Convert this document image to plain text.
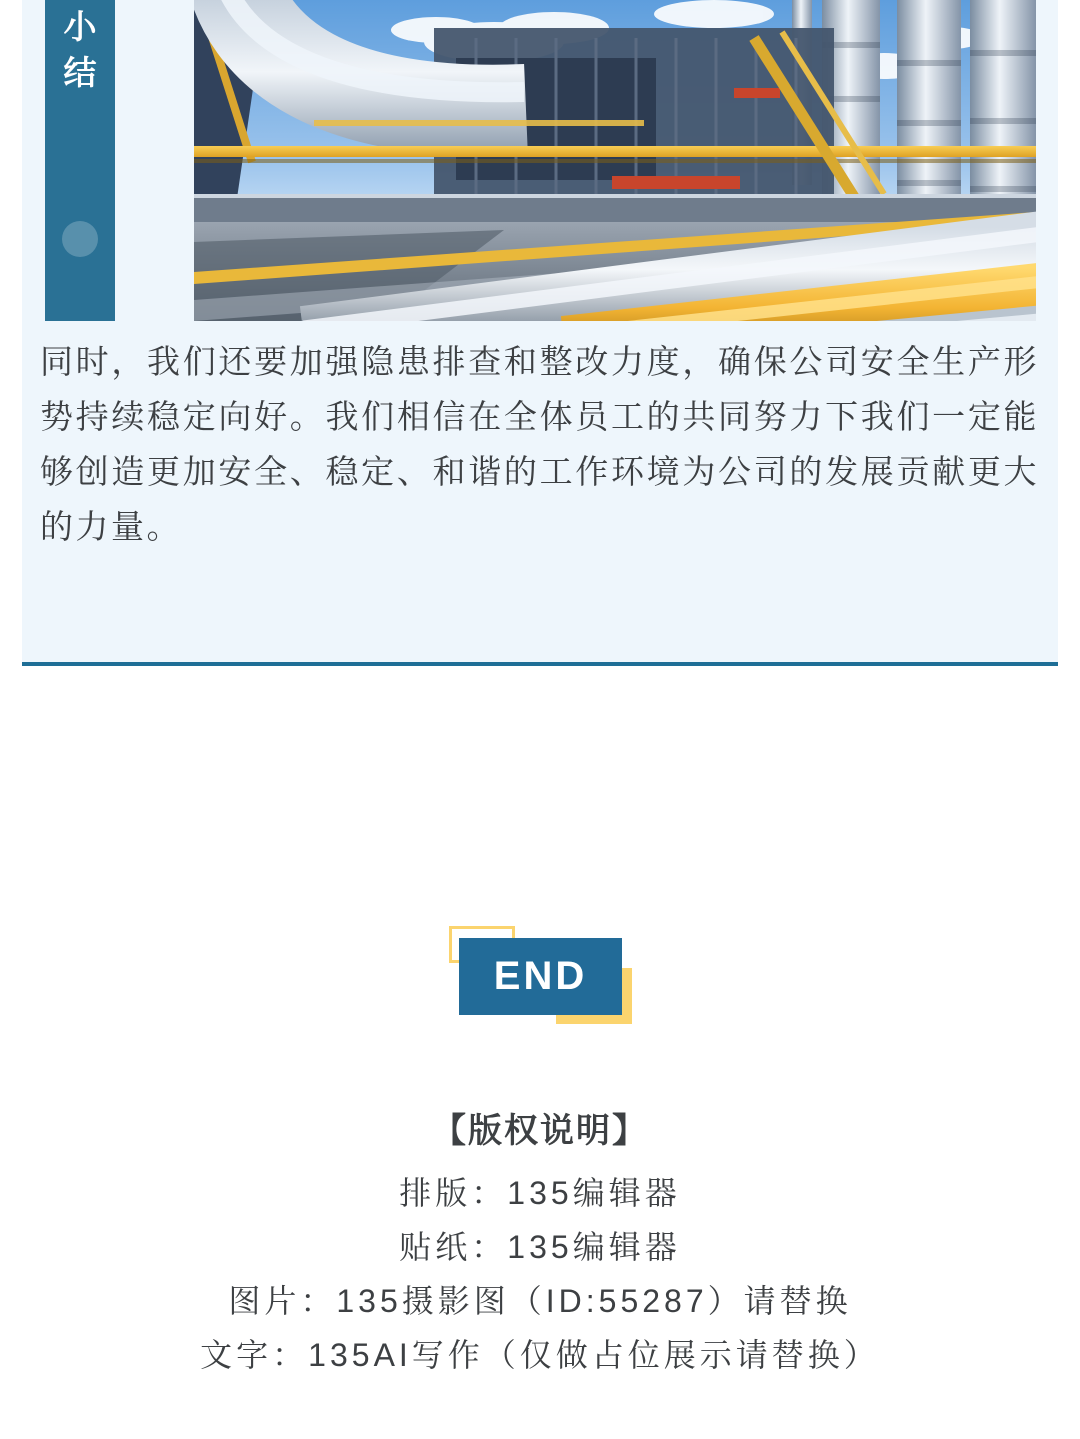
小
结

同时，我们还要加强隐患排查和整改力度，确保公司安全生产形势持续稳定向好。我们相信在全体员工的共同努力下我们一定能够创造更加安全、稳定、和谐的工作环境为公司的发展贡献更大的力量。

END
【版权说明】
排版：135编辑器
贴纸：135编辑器
图片：135摄影图（ID:55287）请替换
文字：135AI写作（仅做占位展示请替换）
